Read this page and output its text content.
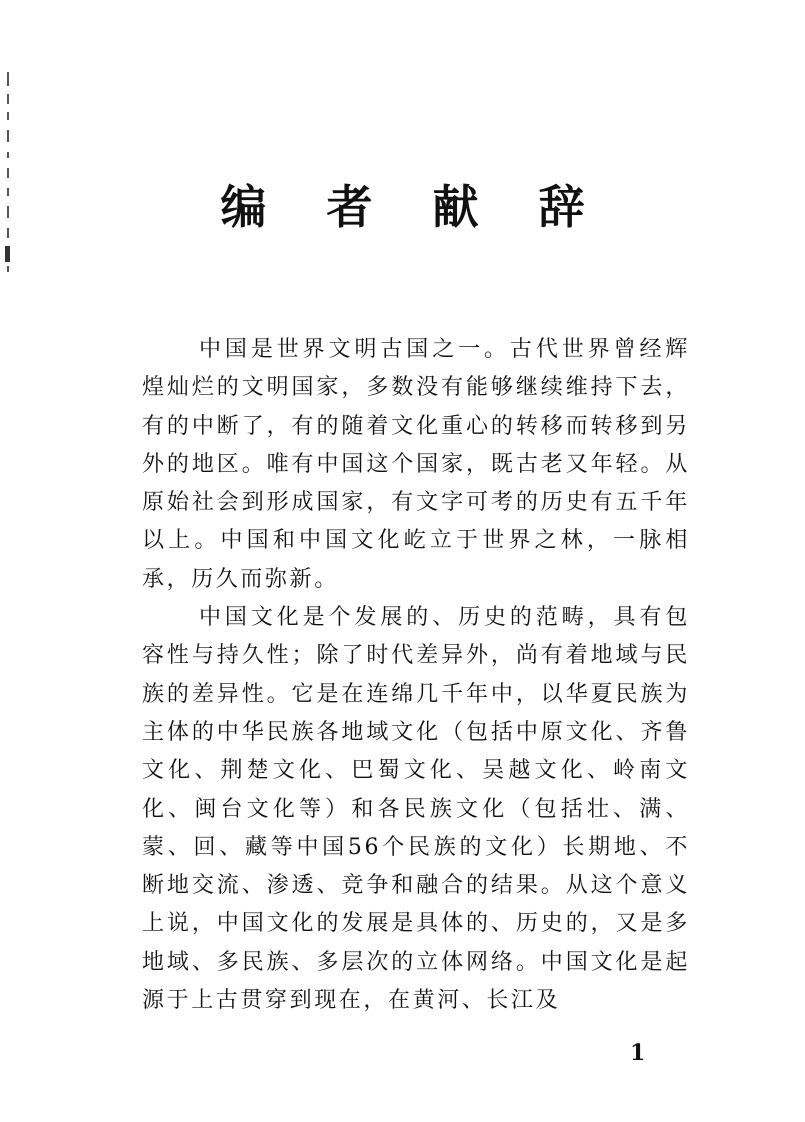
编 者 献 辞

中国是世界文明古国之一。古代世界曾经辉煌灿烂的文明国家，多数没有能够继续维持下去，有的中断了，有的随着文化重心的转移而转移到另外的地区。唯有中国这个国家，既古老又年轻。从原始社会到形成国家，有文字可考的历史有五千年以上。中国和中国文化屹立于世界之林，一脉相承，历久而弥新。

中国文化是个发展的、历史的范畴，具有包容性与持久性；除了时代差异外，尚有着地域与民族的差异性。它是在连绵几千年中，以华夏民族为主体的中华民族各地域文化（包括中原文化、齐鲁文化、荆楚文化、巴蜀文化、吴越文化、岭南文化、闽台文化等）和各民族文化（包括壮、满、蒙、回、藏等中国56个民族的文化）长期地、不断地交流、渗透、竞争和融合的结果。从这个意义上说，中国文化的发展是具体的、历史的，又是多地域、多民族、多层次的立体网络。中国文化是起源于上古贯穿到现在，在黄河、长江及

1
